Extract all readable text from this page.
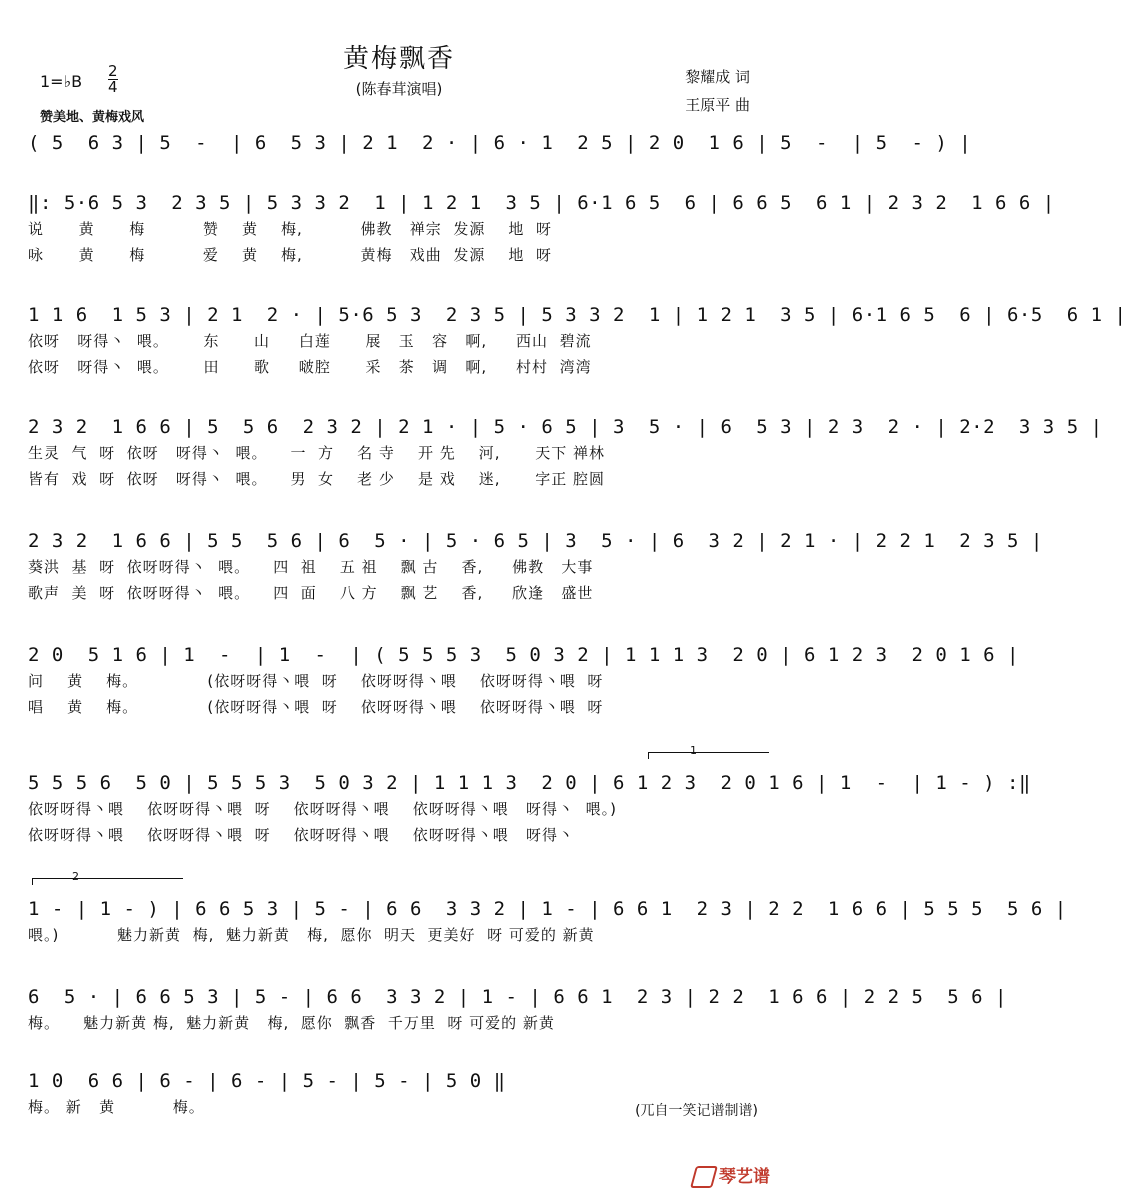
黄梅飘香
(陈春茸演唱)
1=♭B
2
4
黎耀成 词
王原平 曲
赞美地、黄梅戏风
( 5  6 3 | 5  -  | 6  5 3 | 2 1  2 · | 6 · 1  2 5 | 2 0  1 6 | 5  -  | 5  - ) |
‖: 5·6 5 3  2 3 5 | 5 3 3 2  1 | 1 2 1  3 5 | 6·1 6 5  6 | 6 6 5  6 1 | 2 3 2  1 6 6 |
说      黄      梅          赞    黄    梅,          佛教   禅宗  发源    地  呀
咏      黄      梅          爱    黄    梅,          黄梅   戏曲  发源    地  呀
1 1 6  1 5 3 | 2 1  2 · | 5·6 5 3  2 3 5 | 5 3 3 2  1 | 1 2 1  3 5 | 6·1 6 5  6 | 6·5  6 1 |
依呀   呀得丶  喂。      东      山     白莲      展   玉   容   啊,     西山  碧流
依呀   呀得丶  喂。      田      歌     啵腔      采   茶   调   啊,     村村  湾湾
2 3 2  1 6 6 | 5  5 6  2 3 2 | 2 1 · | 5 · 6 5 | 3  5 · | 6  5 3 | 2 3  2 · | 2·2  3 3 5 |
生灵  气  呀  依呀   呀得丶  喂。    一  方    名 寺    开 先    河,      天下 禅林
皆有  戏  呀  依呀   呀得丶  喂。    男  女    老 少    是 戏    迷,      字正 腔圆
2 3 2  1 6 6 | 5 5  5 6 | 6  5 · | 5 · 6 5 | 3  5 · | 6  3 2 | 2 1 · | 2 2 1  2 3 5 |
葵洪  基  呀  依呀呀得丶  喂。    四  祖    五 祖    飘 古    香,     佛教   大事
歌声  美  呀  依呀呀得丶  喂。    四  面    八 方    飘 艺    香,     欣逢   盛世
2 0  5 1 6 | 1  -  | 1  -  | ( 5 5 5 3  5 0 3 2 | 1 1 1 3  2 0 | 6 1 2 3  2 0 1 6 |
问    黄    梅。            (依呀呀得丶喂  呀    依呀呀得丶喂    依呀呀得丶喂  呀
唱    黄    梅。            (依呀呀得丶喂  呀    依呀呀得丶喂    依呀呀得丶喂  呀
1
5 5 5 6  5 0 | 5 5 5 3  5 0 3 2 | 1 1 1 3  2 0 | 6 1 2 3  2 0 1 6 | 1  -  | 1 - ) :‖
依呀呀得丶喂    依呀呀得丶喂  呀    依呀呀得丶喂    依呀呀得丶喂   呀得丶  喂。)
依呀呀得丶喂    依呀呀得丶喂  呀    依呀呀得丶喂    依呀呀得丶喂   呀得丶
2
1 - | 1 - ) | 6 6 5 3 | 5 - | 6 6  3 3 2 | 1 - | 6 6 1  2 3 | 2 2  1 6 6 | 5 5 5  5 6 |
喂。)          魅力新黄  梅,  魅力新黄   梅,  愿你  明天  更美好  呀 可爱的 新黄
6  5 · | 6 6 5 3 | 5 - | 6 6  3 3 2 | 1 - | 6 6 1  2 3 | 2 2  1 6 6 | 2 2 5  5 6 |
梅。    魅力新黄 梅,  魅力新黄   梅,  愿你  飘香  千万里  呀 可爱的 新黄
1 0  6 6 | 6 - | 6 - | 5 - | 5 - | 5 0 ‖
梅。 新   黄          梅。	(兀自一笑记谱制谱)
琴艺谱
